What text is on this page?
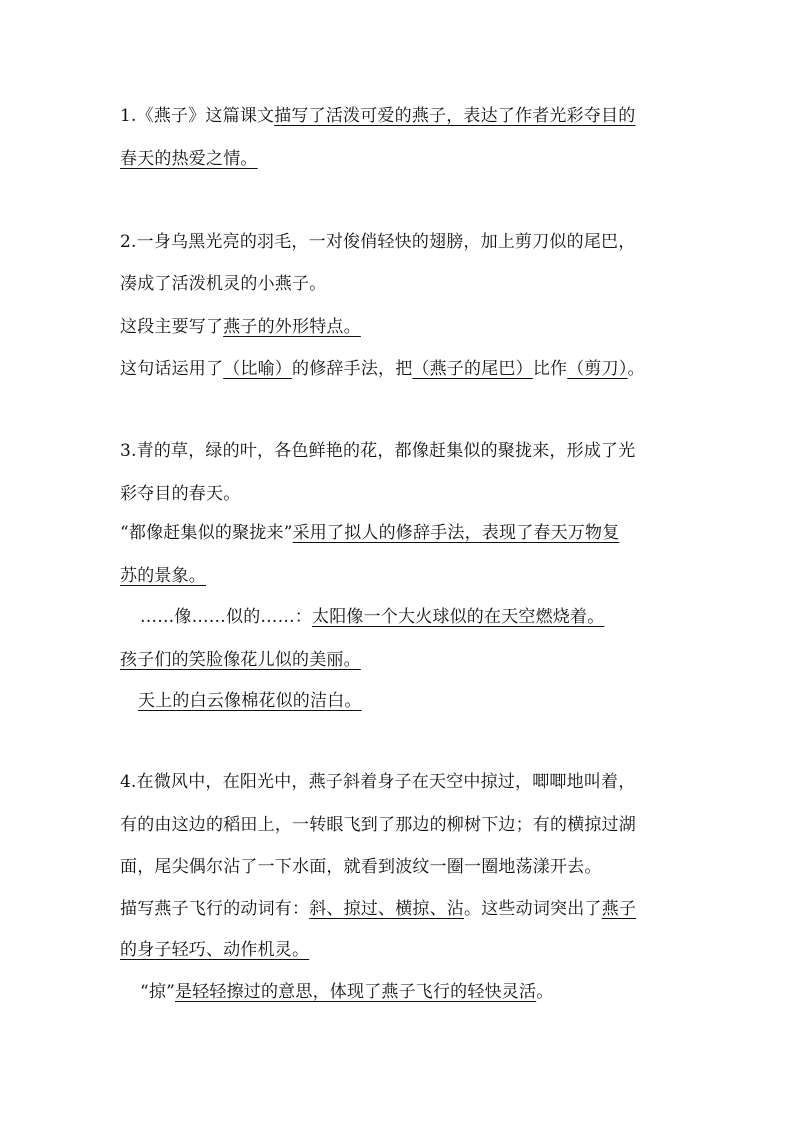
1.《燕子》这篇课文描写了活泼可爱的燕子，表达了作者光彩夺目的
春天的热爱之情。
2.一身乌黑光亮的羽毛，一对俊俏轻快的翅膀，加上剪刀似的尾巴，
凑成了活泼机灵的小燕子。
这段主要写了燕子的外形特点。
这句话运用了（比喻）的修辞手法，把（燕子的尾巴）比作（剪刀）。
3.青的草，绿的叶，各色鲜艳的花，都像赶集似的聚拢来，形成了光
彩夺目的春天。
“都像赶集似的聚拢来”采用了拟人的修辞手法，表现了春天万物复
苏的景象。
……像……似的……：太阳像一个大火球似的在天空燃烧着。
孩子们的笑脸像花儿似的美丽。
天上的白云像棉花似的洁白。
4.在微风中，在阳光中，燕子斜着身子在天空中掠过，唧唧地叫着，
有的由这边的稻田上，一转眼飞到了那边的柳树下边；有的横掠过湖
面，尾尖偶尔沾了一下水面，就看到波纹一圈一圈地荡漾开去。
描写燕子飞行的动词有：斜、掠过、横掠、沾。这些动词突出了燕子
的身子轻巧、动作机灵。
“掠”是轻轻擦过的意思，体现了燕子飞行的轻快灵活。
